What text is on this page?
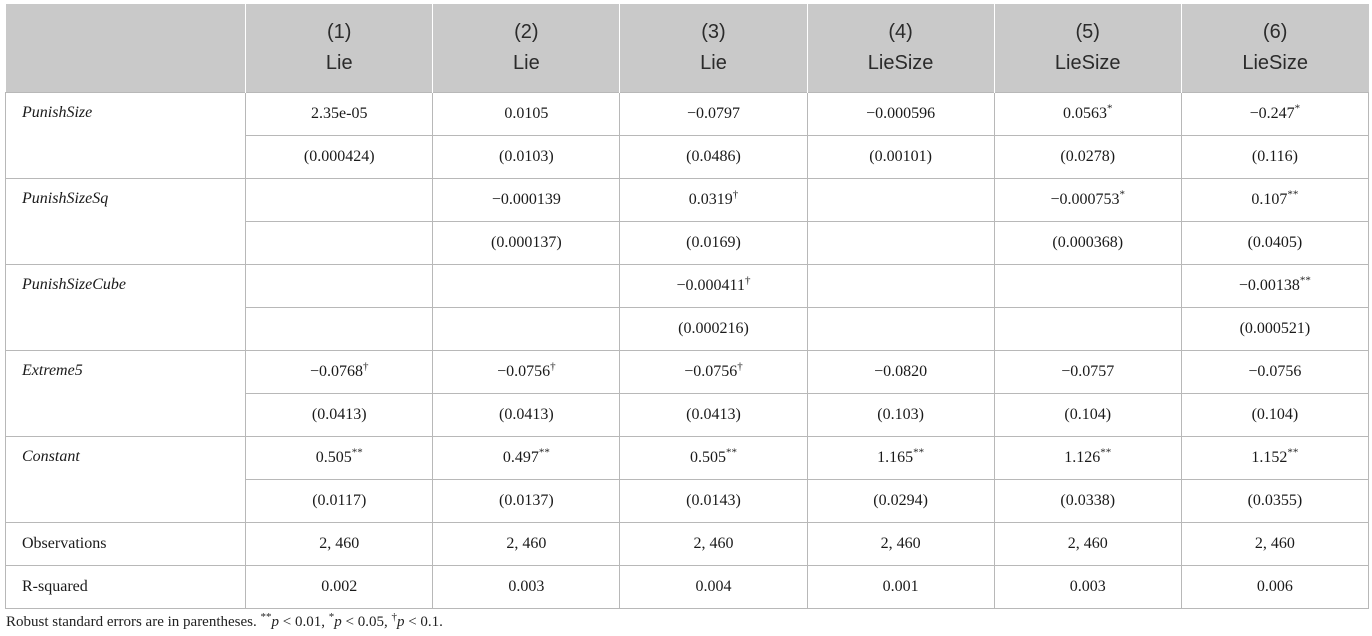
	(1)	(2)	(3)	(4)	(5)	(6)
	Lie	Lie	Lie	LieSize	LieSize	LieSize
PunishSize	2.35e-05	0.0105	−0.0797	−0.000596	0.0563*	−0.247*
	(0.000424)	(0.0103)	(0.0486)	(0.00101)	(0.0278)	(0.116)
PunishSizeSq		−0.000139	0.0319†		−0.000753*	0.107**
		(0.000137)	(0.0169)		(0.000368)	(0.0405)
PunishSizeCube			−0.000411†			−0.00138**
			(0.000216)			(0.000521)
Extreme5	−0.0768†	−0.0756†	−0.0756†	−0.0820	−0.0757	−0.0756
	(0.0413)	(0.0413)	(0.0413)	(0.103)	(0.104)	(0.104)
Constant	0.505**	0.497**	0.505**	1.165**	1.126**	1.152**
	(0.0117)	(0.0137)	(0.0143)	(0.0294)	(0.0338)	(0.0355)
Observations	2, 460	2, 460	2, 460	2, 460	2, 460	2, 460
R-squared	0.002	0.003	0.004	0.001	0.003	0.006
Robust standard errors are in parentheses. **p < 0.01, *p < 0.05, †p < 0.1.
